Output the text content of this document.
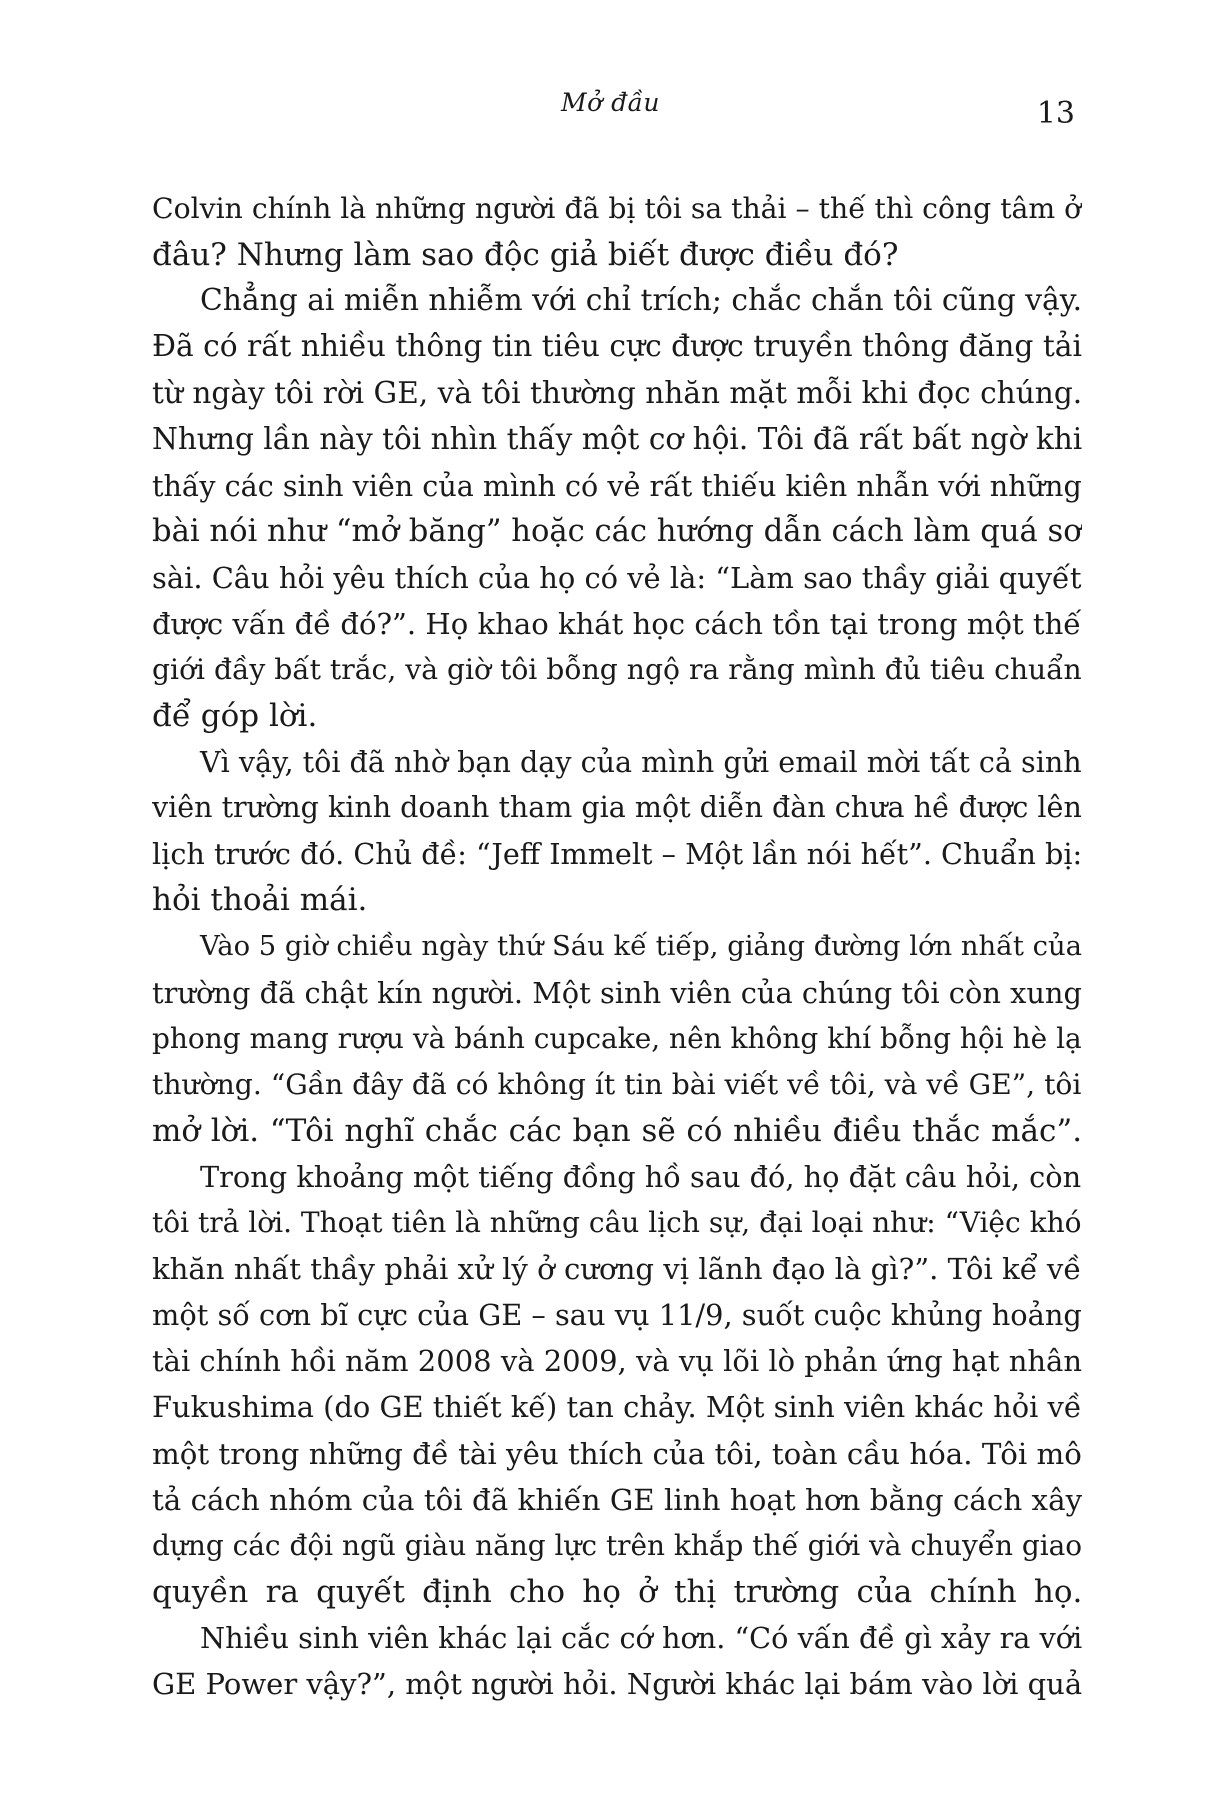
Mở đầu	13
Colvin chính là những người đã bị tôi sa thải – thế thì công tâm ở
đâu? Nhưng làm sao độc giả biết được điều đó?
Chẳng ai miễn nhiễm với chỉ trích; chắc chắn tôi cũng vậy.
Đã có rất nhiều thông tin tiêu cực được truyền thông đăng tải
từ ngày tôi rời GE, và tôi thường nhăn mặt mỗi khi đọc chúng.
Nhưng lần này tôi nhìn thấy một cơ hội. Tôi đã rất bất ngờ khi
thấy các sinh viên của mình có vẻ rất thiếu kiên nhẫn với những
bài nói như “mở băng” hoặc các hướng dẫn cách làm quá sơ
sài. Câu hỏi yêu thích của họ có vẻ là: “Làm sao thầy giải quyết
được vấn đề đó?”. Họ khao khát học cách tồn tại trong một thế
giới đầy bất trắc, và giờ tôi bỗng ngộ ra rằng mình đủ tiêu chuẩn
để góp lời.
Vì vậy, tôi đã nhờ bạn dạy của mình gửi email mời tất cả sinh
viên trường kinh doanh tham gia một diễn đàn chưa hề được lên
lịch trước đó. Chủ đề: “Jeff Immelt – Một lần nói hết”. Chuẩn bị:
hỏi thoải mái.
Vào 5 giờ chiều ngày thứ Sáu kế tiếp, giảng đường lớn nhất của
trường đã chật kín người. Một sinh viên của chúng tôi còn xung
phong mang rượu và bánh cupcake, nên không khí bỗng hội hè lạ
thường. “Gần đây đã có không ít tin bài viết về tôi, và về GE”, tôi
mở lời. “Tôi nghĩ chắc các bạn sẽ có nhiều điều thắc mắc”.
Trong khoảng một tiếng đồng hồ sau đó, họ đặt câu hỏi, còn
tôi trả lời. Thoạt tiên là những câu lịch sự, đại loại như: “Việc khó
khăn nhất thầy phải xử lý ở cương vị lãnh đạo là gì?”. Tôi kể về
một số cơn bĩ cực của GE – sau vụ 11/9, suốt cuộc khủng hoảng
tài chính hồi năm 2008 và 2009, và vụ lõi lò phản ứng hạt nhân
Fukushima (do GE thiết kế) tan chảy. Một sinh viên khác hỏi về
một trong những đề tài yêu thích của tôi, toàn cầu hóa. Tôi mô
tả cách nhóm của tôi đã khiến GE linh hoạt hơn bằng cách xây
dựng các đội ngũ giàu năng lực trên khắp thế giới và chuyển giao
quyền ra quyết định cho họ ở thị trường của chính họ.
Nhiều sinh viên khác lại cắc cớ hơn. “Có vấn đề gì xảy ra với
GE Power vậy?”, một người hỏi. Người khác lại bám vào lời quả
